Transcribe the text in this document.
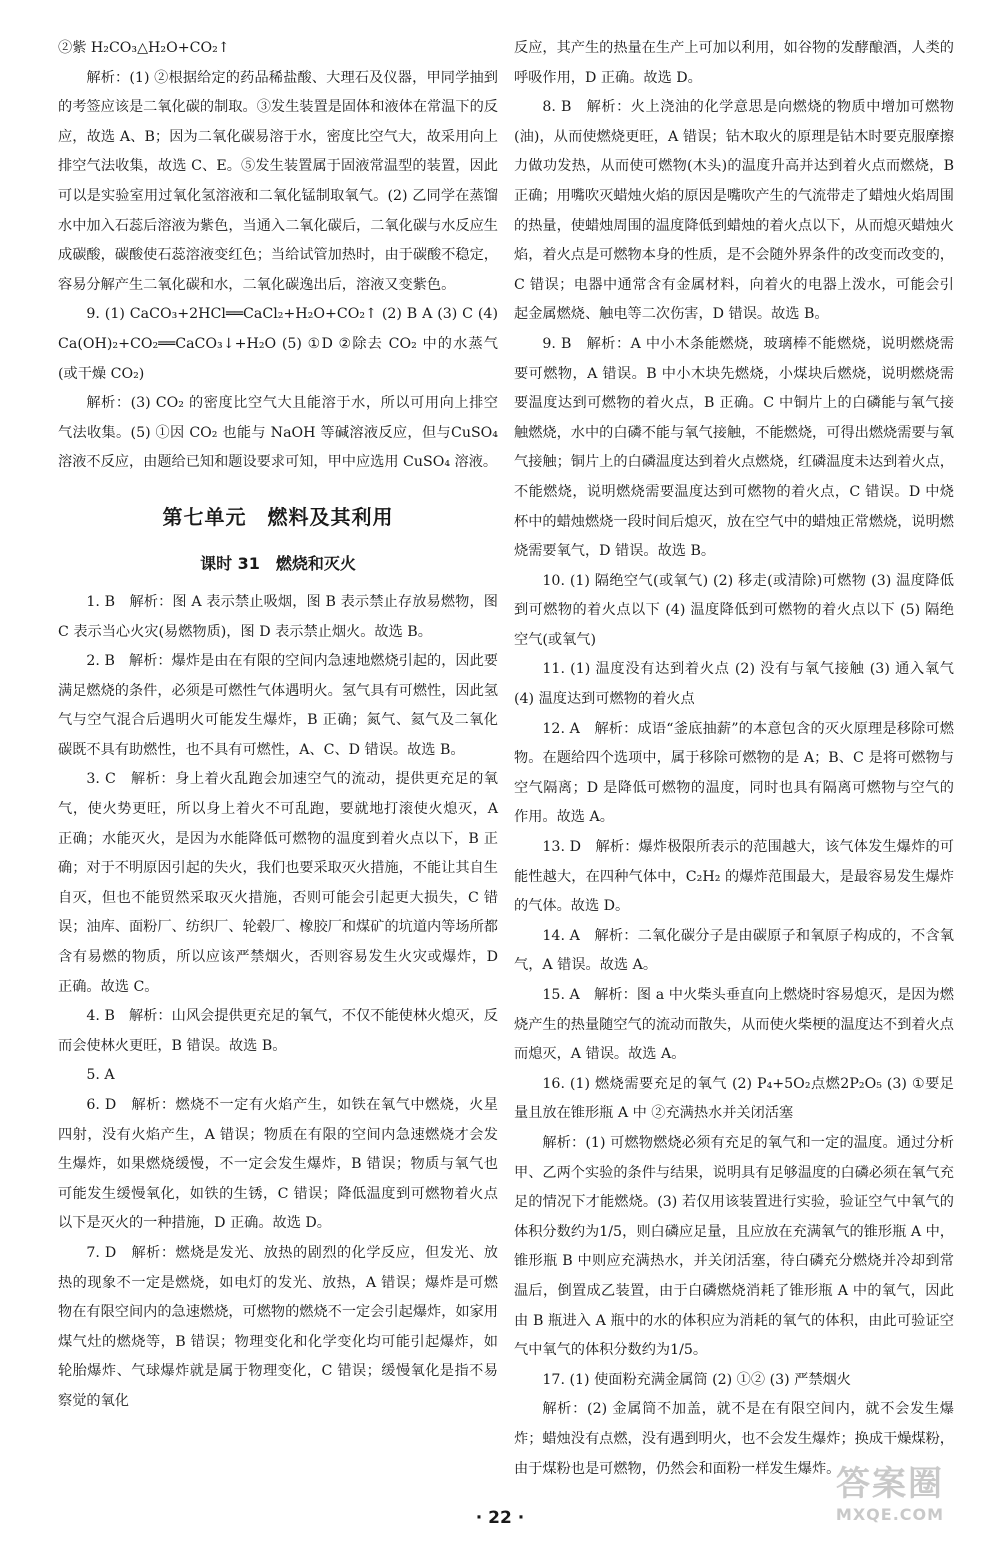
②紫 H₂CO₃△H₂O+CO₂↑

解析：(1) ②根据给定的药品稀盐酸、大理石及仪器，甲同学抽到的考签应该是二氧化碳的制取。③发生装置是固体和液体在常温下的反应，故选 A、B；因为二氧化碳易溶于水，密度比空气大，故采用向上排空气法收集，故选 C、E。⑤发生装置属于固液常温型的装置，因此可以是实验室用过氧化氢溶液和二氧化锰制取氧气。(2) 乙同学在蒸馏水中加入石蕊后溶液为紫色，当通入二氧化碳后，二氧化碳与水反应生成碳酸，碳酸使石蕊溶液变红色；当给试管加热时，由于碳酸不稳定，容易分解产生二氧化碳和水，二氧化碳逸出后，溶液又变紫色。

9. (1) CaCO₃+2HCl══CaCl₂+H₂O+CO₂↑ (2) B A (3) C (4) Ca(OH)₂+CO₂══CaCO₃↓+H₂O (5) ①D ②除去 CO₂ 中的水蒸气(或干燥 CO₂)

解析：(3) CO₂ 的密度比空气大且能溶于水，所以可用向上排空气法收集。(5) ①因 CO₂ 也能与 NaOH 等碱溶液反应，但与CuSO₄溶液不反应，由题给已知和题设要求可知，甲中应选用 CuSO₄ 溶液。

第七单元　燃料及其利用
课时 31　燃烧和灭火

1. B　解析：图 A 表示禁止吸烟，图 B 表示禁止存放易燃物，图 C 表示当心火灾(易燃物质)，图 D 表示禁止烟火。故选 B。

2. B　解析：爆炸是由在有限的空间内急速地燃烧引起的，因此要满足燃烧的条件，必须是可燃性气体遇明火。氢气具有可燃性，因此氢气与空气混合后遇明火可能发生爆炸，B 正确；氮气、氦气及二氧化碳既不具有助燃性，也不具有可燃性，A、C、D 错误。故选 B。

3. C　解析：身上着火乱跑会加速空气的流动，提供更充足的氧气，使火势更旺，所以身上着火不可乱跑，要就地打滚使火熄灭，A 正确；水能灭火，是因为水能降低可燃物的温度到着火点以下，B 正确；对于不明原因引起的失火，我们也要采取灭火措施，不能让其自生自灭，但也不能贸然采取灭火措施，否则可能会引起更大损失，C 错误；油库、面粉厂、纺织厂、轮毂厂、橡胶厂和煤矿的坑道内等场所都含有易燃的物质，所以应该严禁烟火，否则容易发生火灾或爆炸，D 正确。故选 C。

4. B　解析：山风会提供更充足的氧气，不仅不能使林火熄灭，反而会使林火更旺，B 错误。故选 B。

5. A

6. D　解析：燃烧不一定有火焰产生，如铁在氧气中燃烧，火星四射，没有火焰产生，A 错误；物质在有限的空间内急速燃烧才会发生爆炸，如果燃烧缓慢，不一定会发生爆炸，B 错误；物质与氧气也可能发生缓慢氧化，如铁的生锈，C 错误；降低温度到可燃物着火点以下是灭火的一种措施，D 正确。故选 D。

7. D　解析：燃烧是发光、放热的剧烈的化学反应，但发光、放热的现象不一定是燃烧，如电灯的发光、放热，A 错误；爆炸是可燃物在有限空间内的急速燃烧，可燃物的燃烧不一定会引起爆炸，如家用煤气灶的燃烧等，B 错误；物理变化和化学变化均可能引起爆炸，如轮胎爆炸、气球爆炸就是属于物理变化，C 错误；缓慢氧化是指不易察觉的氧化

反应，其产生的热量在生产上可加以利用，如谷物的发酵酿酒，人类的呼吸作用，D 正确。故选 D。

8. B　解析：火上浇油的化学意思是向燃烧的物质中增加可燃物(油)，从而使燃烧更旺，A 错误；钻木取火的原理是钻木时要克服摩擦力做功发热，从而使可燃物(木头)的温度升高并达到着火点而燃烧，B 正确；用嘴吹灭蜡烛火焰的原因是嘴吹产生的气流带走了蜡烛火焰周围的热量，使蜡烛周围的温度降低到蜡烛的着火点以下，从而熄灭蜡烛火焰，着火点是可燃物本身的性质，是不会随外界条件的改变而改变的，C 错误；电器中通常含有金属材料，向着火的电器上泼水，可能会引起金属燃烧、触电等二次伤害，D 错误。故选 B。

9. B　解析：A 中小木条能燃烧，玻璃棒不能燃烧，说明燃烧需要可燃物，A 错误。B 中小木块先燃烧，小煤块后燃烧，说明燃烧需要温度达到可燃物的着火点，B 正确。C 中铜片上的白磷能与氧气接触燃烧，水中的白磷不能与氧气接触，不能燃烧，可得出燃烧需要与氧气接触；铜片上的白磷温度达到着火点燃烧，红磷温度未达到着火点，不能燃烧，说明燃烧需要温度达到可燃物的着火点，C 错误。D 中烧杯中的蜡烛燃烧一段时间后熄灭，放在空气中的蜡烛正常燃烧，说明燃烧需要氧气，D 错误。故选 B。

10. (1) 隔绝空气(或氧气) (2) 移走(或清除)可燃物 (3) 温度降低到可燃物的着火点以下 (4) 温度降低到可燃物的着火点以下 (5) 隔绝空气(或氧气)

11. (1) 温度没有达到着火点 (2) 没有与氧气接触 (3) 通入氧气 (4) 温度达到可燃物的着火点

12. A　解析：成语“釜底抽薪”的本意包含的灭火原理是移除可燃物。在题给四个选项中，属于移除可燃物的是 A；B、C 是将可燃物与空气隔离；D 是降低可燃物的温度，同时也具有隔离可燃物与空气的作用。故选 A。

13. D　解析：爆炸极限所表示的范围越大，该气体发生爆炸的可能性越大，在四种气体中，C₂H₂ 的爆炸范围最大，是最容易发生爆炸的气体。故选 D。

14. A　解析：二氧化碳分子是由碳原子和氧原子构成的，不含氧气，A 错误。故选 A。

15. A　解析：图 a 中火柴头垂直向上燃烧时容易熄灭，是因为燃烧产生的热量随空气的流动而散失，从而使火柴梗的温度达不到着火点而熄灭，A 错误。故选 A。

16. (1) 燃烧需要充足的氧气 (2) P₄+5O₂点燃2P₂O₅ (3) ①要足量且放在锥形瓶 A 中 ②充满热水并关闭活塞

解析：(1) 可燃物燃烧必须有充足的氧气和一定的温度。通过分析甲、乙两个实验的条件与结果，说明具有足够温度的白磷必须在氧气充足的情况下才能燃烧。(3) 若仅用该装置进行实验，验证空气中氧气的体积分数约为1/5，则白磷应足量，且应放在充满氧气的锥形瓶 A 中，锥形瓶 B 中则应充满热水，并关闭活塞，待白磷充分燃烧并冷却到常温后，倒置成乙装置，由于白磷燃烧消耗了锥形瓶 A 中的氧气，因此由 B 瓶进入 A 瓶中的水的体积应为消耗的氧气的体积，由此可验证空气中氧气的体积分数约为1/5。

17. (1) 使面粉充满金属筒 (2) ①② (3) 严禁烟火

解析：(2) 金属筒不加盖，就不是在有限空间内，就不会发生爆炸；蜡烛没有点燃，没有遇到明火，也不会发生爆炸；换成干燥煤粉，由于煤粉也是可燃物，仍然会和面粉一样发生爆炸。

· 22 ·
答案圈
MXQE.COM
